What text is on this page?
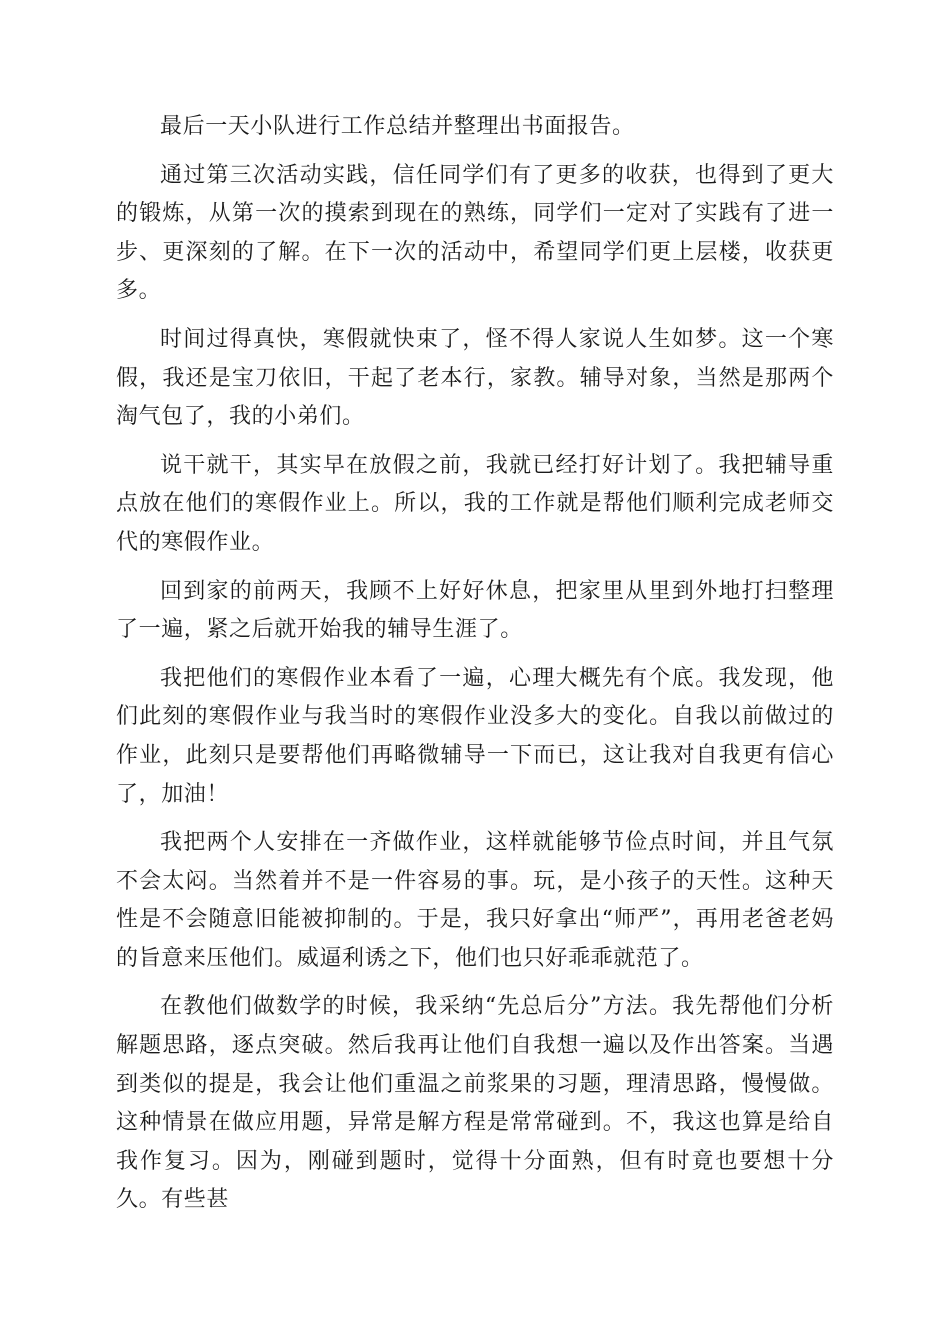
最后一天小队进行工作总结并整理出书面报告。

通过第三次活动实践，信任同学们有了更多的收获，也得到了更大的锻炼，从第一次的摸索到现在的熟练，同学们一定对了实践有了进一步、更深刻的了解。在下一次的活动中，希望同学们更上层楼，收获更多。

时间过得真快，寒假就快束了，怪不得人家说人生如梦。这一个寒假，我还是宝刀依旧，干起了老本行，家教。辅导对象，当然是那两个淘气包了，我的小弟们。

说干就干，其实早在放假之前，我就已经打好计划了。我把辅导重点放在他们的寒假作业上。所以，我的工作就是帮他们顺利完成老师交代的寒假作业。

回到家的前两天，我顾不上好好休息，把家里从里到外地打扫整理了一遍，紧之后就开始我的辅导生涯了。

我把他们的寒假作业本看了一遍，心理大概先有个底。我发现，他们此刻的寒假作业与我当时的寒假作业没多大的变化。自我以前做过的作业，此刻只是要帮他们再略微辅导一下而已，这让我对自我更有信心了，加油！

我把两个人安排在一齐做作业，这样就能够节俭点时间，并且气氛不会太闷。当然着并不是一件容易的事。玩，是小孩子的天性。这种天性是不会随意旧能被抑制的。于是，我只好拿出“师严”，再用老爸老妈的旨意来压他们。威逼利诱之下，他们也只好乖乖就范了。

在教他们做数学的时候，我采纳“先总后分”方法。我先帮他们分析解题思路，逐点突破。然后我再让他们自我想一遍以及作出答案。当遇到类似的提是，我会让他们重温之前浆果的习题，理清思路，慢慢做。这种情景在做应用题，异常是解方程是常常碰到。不，我这也算是给自我作复习。因为，刚碰到题时，觉得十分面熟，但有时竟也要想十分久。有些甚
